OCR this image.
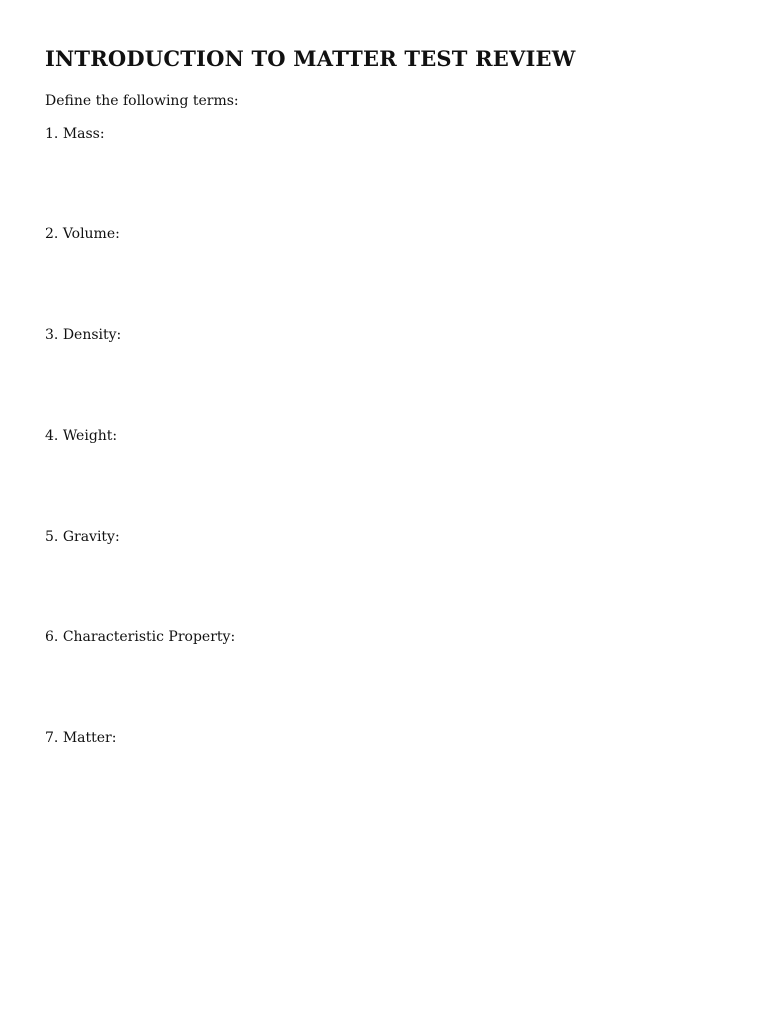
INTRODUCTION TO MATTER TEST REVIEW

Define the following terms:

1. Mass:

2. Volume:

3. Density:

4. Weight:

5. Gravity:

6. Characteristic Property:

7. Matter:
